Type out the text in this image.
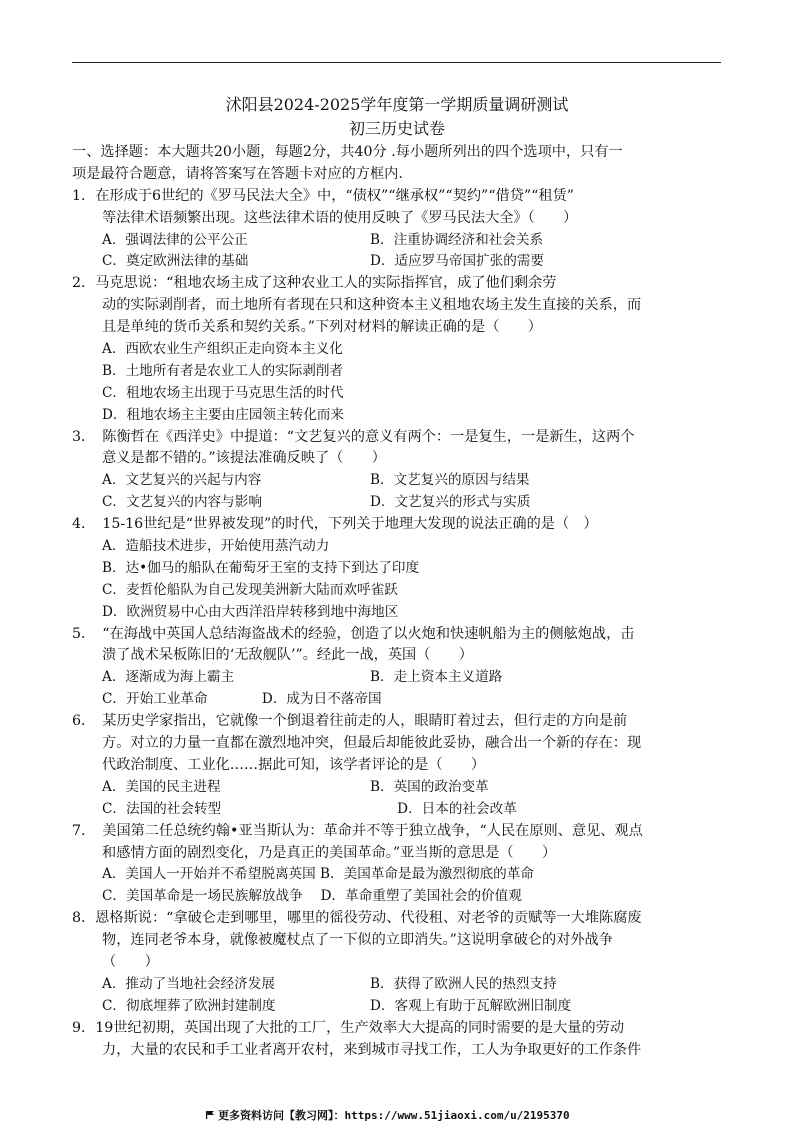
沭阳县2024-2025学年度第一学期质量调研测试
初三历史试卷
一、选择题：本大题共20小题，每题2分，共40分 .每小题所列出的四个选项中，只有一
项是最符合题意，请将答案写在答题卡对应的方框内.
1．在形成于6世纪的《罗马民法大全》中，“债权”“继承权”“契约”“借贷”“租赁”
等法律术语频繁出现。这些法律术语的使用反映了《罗马民法大全》（　　）
A．强调法律的公平公正	B．注重协调经济和社会关系
C．奠定欧洲法律的基础	D．适应罗马帝国扩张的需要
2．马克思说：“租地农场主成了这种农业工人的实际指挥官，成了他们剩余劳
动的实际剥削者，而土地所有者现在只和这种资本主义租地农场主发生直接的关系，而
且是单纯的货币关系和契约关系。”下列对材料的解读正确的是（　　）
A．西欧农业生产组织正走向资本主义化
B．土地所有者是农业工人的实际剥削者
C．租地农场主出现于马克思生活的时代
D．租地农场主主要由庄园领主转化而来
3．　陈衡哲在《西洋史》中提道：“文艺复兴的意义有两个：一是复生，一是新生，这两个
意义是都不错的。”该提法准确反映了（　　）
A．文艺复兴的兴起与内容	B．文艺复兴的原因与结果
C．文艺复兴的内容与影响	D．文艺复兴的形式与实质
4．　15-16世纪是“世界被发现”的时代，下列关于地理大发现的说法正确的是（　）
A．造船技术进步，开始使用蒸汽动力
B．达•伽马的船队在葡萄牙王室的支持下到达了印度
C．麦哲伦船队为自己发现美洲新大陆而欢呼雀跃
D．欧洲贸易中心由大西洋沿岸转移到地中海地区
5．　“在海战中英国人总结海盗战术的经验，创造了以火炮和快速帆船为主的侧舷炮战，击
溃了战术呆板陈旧的‘无敌舰队’”。经此一战，英国（　　）
A．逐渐成为海上霸主	B．走上资本主义道路
C．开始工业革命　　　　D．成为日不落帝国
6．　某历史学家指出，它就像一个倒退着往前走的人，眼睛盯着过去，但行走的方向是前
方。对立的力量一直都在激烈地冲突，但最后却能彼此妥协，融合出一个新的存在：现
代政治制度、工业化……据此可知，该学者评论的是（　　）
A．美国的民主进程	B．英国的政治变革
C．法国的社会转型	　　D．日本的社会改革
7．　美国第二任总统约翰•亚当斯认为：革命并不等于独立战争，“人民在原则、意见、观点
和感情方面的剧烈变化，乃是真正的美国革命。”亚当斯的意思是（　　）
A．美国人一开始并不希望脱离英国 B．美国革命是最为激烈彻底的革命
C．美国革命是一场民族解放战争　 D．革命重塑了美国社会的价值观
8．恩格斯说：“拿破仑走到哪里，哪里的徭役劳动、代役租、对老爷的贡赋等一大堆陈腐废
物，连同老爷本身，就像被魔杖点了一下似的立即消失。”这说明拿破仑的对外战争
（　　）
A．推动了当地社会经济发展	B．获得了欧洲人民的热烈支持
C．彻底埋葬了欧洲封建制度	D．客观上有助于瓦解欧洲旧制度
9．19世纪初期，英国出现了大批的工厂，生产效率大大提高的同时需要的是大量的劳动
力，大量的农民和手工业者离开农村，来到城市寻找工作，工人为争取更好的工作条件
更多资料访问【教习网】：https://www.51jiaoxi.com/u/2195370
